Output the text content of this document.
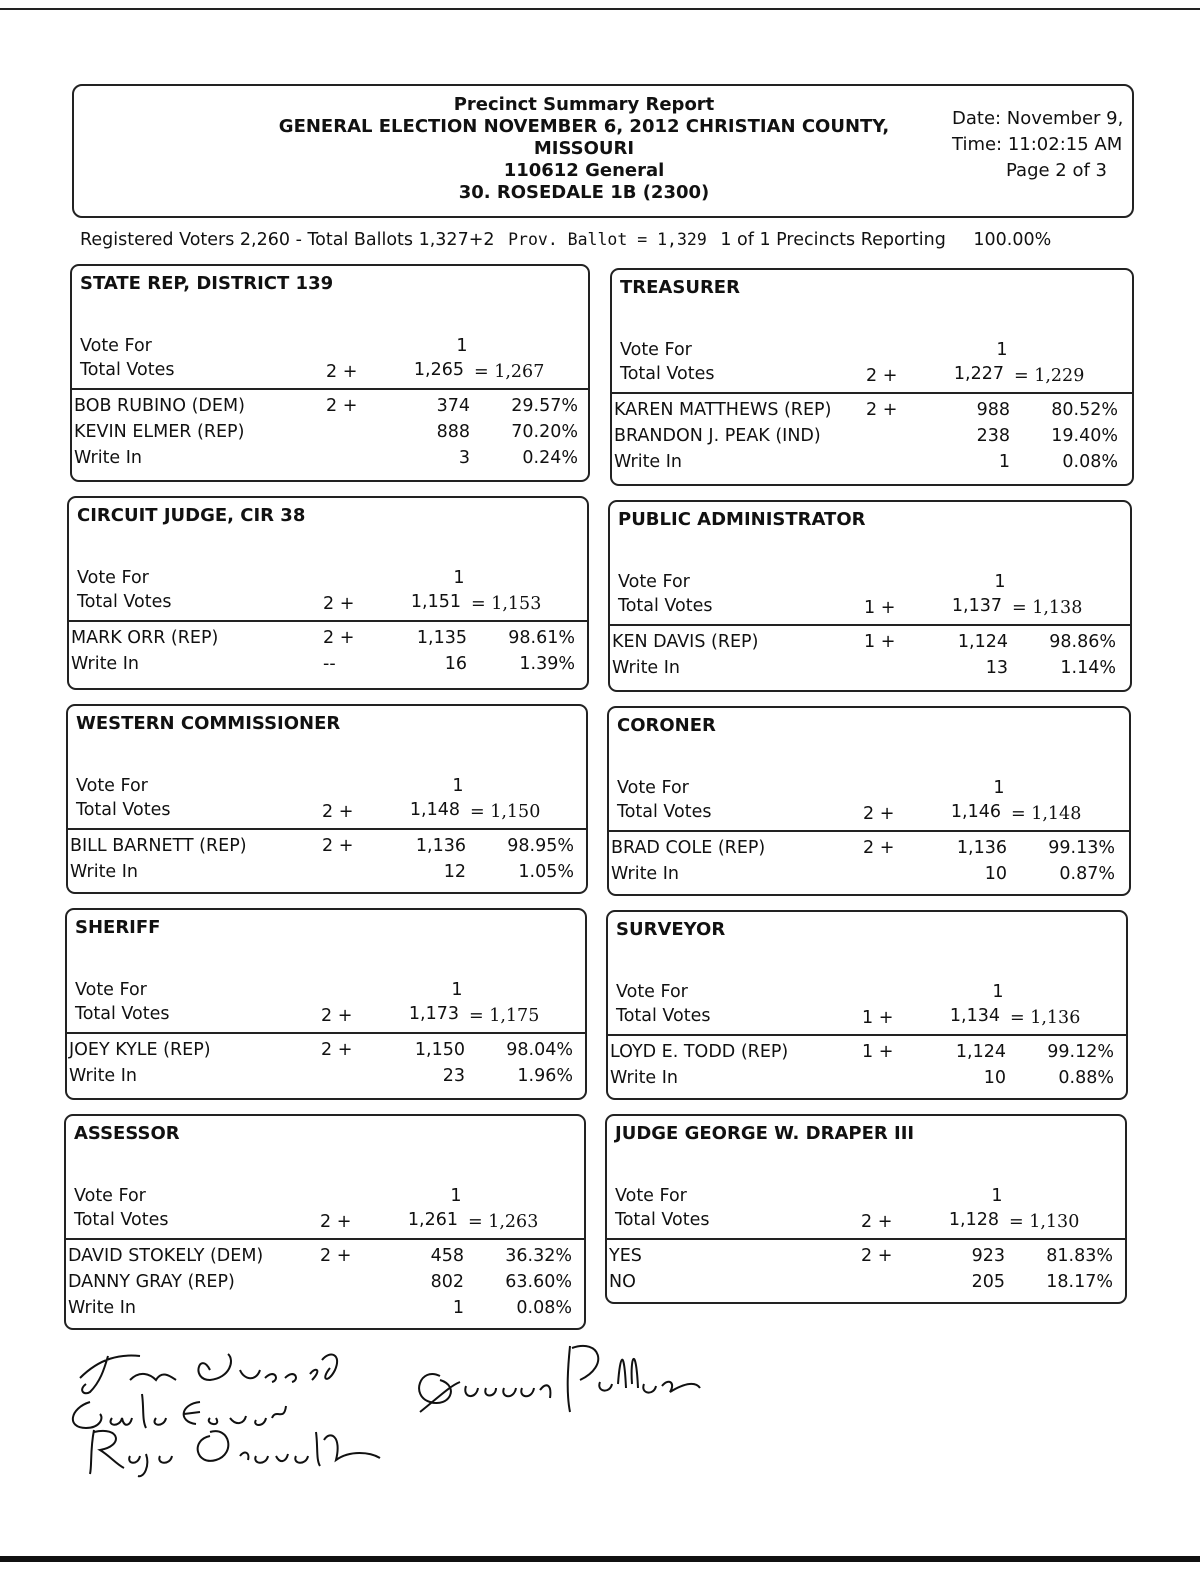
Precinct Summary Report
GENERAL ELECTION NOVEMBER 6, 2012 CHRISTIAN COUNTY,
MISSOURI
110612 General
30. ROSEDALE 1B (2300)
Date: November 9,
Time: 11:02:15 AM
Page 2 of 3
Registered Voters 2,260 - Total Ballots 1,327+2 Prov. Ballot = 1,329 1 of 1 Precincts Reporting 100.00%
STATE REP, DISTRICT 139
Vote For	1
Total Votes	2 +	1,265 = 1,267
BOB RUBINO (DEM)	2 +	374	29.57%
KEVIN ELMER (REP)	888	70.20%
Write In	3	0.24%
TREASURER
Vote For	1
Total Votes	2 +	1,227 = 1,229
KAREN MATTHEWS (REP) 2 +	988	80.52%
BRANDON J. PEAK (IND)	238	19.40%
Write In	1	0.08%
CIRCUIT JUDGE, CIR 38
Vote For	1
Total Votes	2 +	1,151 = 1,153
MARK ORR (REP)	2 +	1,135	98.61%
Write In	--	16	1.39%
PUBLIC ADMINISTRATOR
Vote For	1
Total Votes	1 +	1,137 = 1,138
KEN DAVIS (REP)	1 +	1,124	98.86%
Write In	13	1.14%
WESTERN COMMISSIONER
Vote For	1
Total Votes	2 +	1,148 = 1,150
BILL BARNETT (REP)	2 +	1,136	98.95%
Write In	12	1.05%
CORONER
Vote For	1
Total Votes	2 +	1,146 = 1,148
BRAD COLE (REP)	2 +	1,136	99.13%
Write In	10	0.87%
SHERIFF
Vote For	1
Total Votes	2 +	1,173 = 1,175
JOEY KYLE (REP)	2 +	1,150	98.04%
Write In	23	1.96%
SURVEYOR
Vote For	1
Total Votes	1 +	1,134 = 1,136
LOYD E. TODD (REP)	1 +	1,124	99.12%
Write In	10	0.88%
ASSESSOR
Vote For	1
Total Votes	2 +	1,261 = 1,263
DAVID STOKELY (DEM)	2 +	458	36.32%
DANNY GRAY (REP)	802	63.60%
Write In	1	0.08%
JUDGE GEORGE W. DRAPER III
Vote For	1
Total Votes	2 +	1,128 = 1,130
YES	2 +	923	81.83%
NO	205	18.17%
